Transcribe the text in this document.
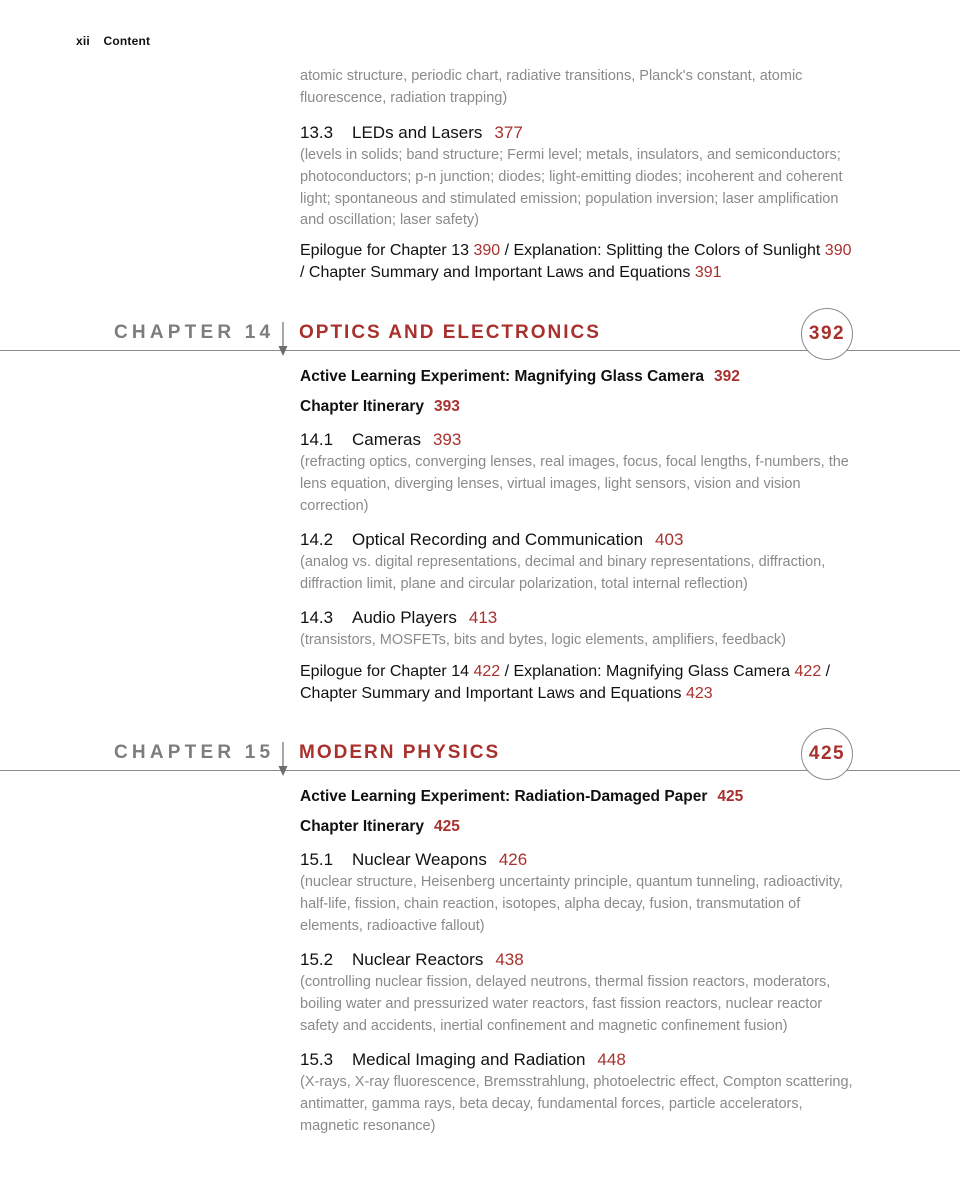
xii Content
atomic structure, periodic chart, radiative transitions, Planck's constant, atomic fluorescence, radiation trapping)
13.3 LEDs and Lasers 377
(levels in solids; band structure; Fermi level; metals, insulators, and semiconductors; photoconductors; p-n junction; diodes; light-emitting diodes; incoherent and coherent light; spontaneous and stimulated emission; population inversion; laser amplification and oscillation; laser safety)
Epilogue for Chapter 13 390 / Explanation: Splitting the Colors of Sunlight 390 / Chapter Summary and Important Laws and Equations 391
CHAPTER 14 OPTICS AND ELECTRONICS	392
Active Learning Experiment: Magnifying Glass Camera 392
Chapter Itinerary 393
14.1 Cameras 393
(refracting optics, converging lenses, real images, focus, focal lengths, f-numbers, the lens equation, diverging lenses, virtual images, light sensors, vision and vision correction)
14.2 Optical Recording and Communication 403
(analog vs. digital representations, decimal and binary representations, diffraction, diffraction limit, plane and circular polarization, total internal reflection)
14.3 Audio Players 413
(transistors, MOSFETs, bits and bytes, logic elements, amplifiers, feedback)
Epilogue for Chapter 14 422 / Explanation: Magnifying Glass Camera 422 / Chapter Summary and Important Laws and Equations 423
CHAPTER 15 MODERN PHYSICS	425
Active Learning Experiment: Radiation-Damaged Paper 425
Chapter Itinerary 425
15.1 Nuclear Weapons 426
(nuclear structure, Heisenberg uncertainty principle, quantum tunneling, radioactivity, half-life, fission, chain reaction, isotopes, alpha decay, fusion, transmutation of elements, radioactive fallout)
15.2 Nuclear Reactors 438
(controlling nuclear fission, delayed neutrons, thermal fission reactors, moderators, boiling water and pressurized water reactors, fast fission reactors, nuclear reactor safety and accidents, inertial confinement and magnetic confinement fusion)
15.3 Medical Imaging and Radiation 448
(X-rays, X-ray fluorescence, Bremsstrahlung, photoelectric effect, Compton scattering, antimatter, gamma rays, beta decay, fundamental forces, particle accelerators, magnetic resonance)
